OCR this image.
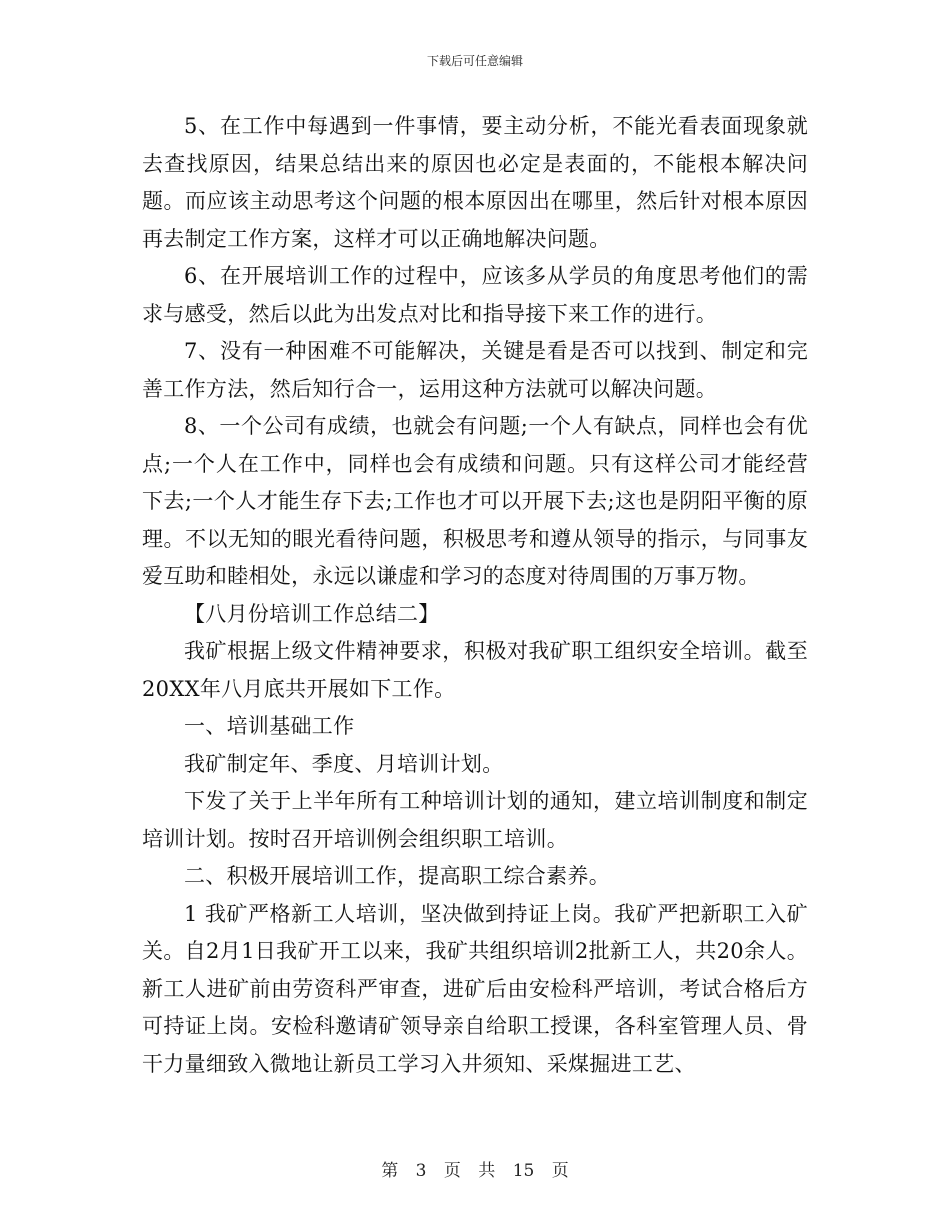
下载后可任意编辑

5、在工作中每遇到一件事情，要主动分析，不能光看表面现象就去查找原因，结果总结出来的原因也必定是表面的，不能根本解决问题。而应该主动思考这个问题的根本原因出在哪里，然后针对根本原因再去制定工作方案，这样才可以正确地解决问题。

6、在开展培训工作的过程中，应该多从学员的角度思考他们的需求与感受，然后以此为出发点对比和指导接下来工作的进行。

7、没有一种困难不可能解决，关键是看是否可以找到、制定和完善工作方法，然后知行合一，运用这种方法就可以解决问题。

8、一个公司有成绩，也就会有问题;一个人有缺点，同样也会有优点;一个人在工作中，同样也会有成绩和问题。只有这样公司才能经营下去;一个人才能生存下去;工作也才可以开展下去;这也是阴阳平衡的原理。不以无知的眼光看待问题，积极思考和遵从领导的指示，与同事友爱互助和睦相处，永远以谦虚和学习的态度对待周围的万事万物。

【八月份培训工作总结二】

我矿根据上级文件精神要求，积极对我矿职工组织安全培训。截至20XX年八月底共开展如下工作。

一、培训基础工作

我矿制定年、季度、月培训计划。

下发了关于上半年所有工种培训计划的通知，建立培训制度和制定培训计划。按时召开培训例会组织职工培训。

二、积极开展培训工作，提高职工综合素养。

1 我矿严格新工人培训，坚决做到持证上岗。我矿严把新职工入矿关。自2月1日我矿开工以来，我矿共组织培训2批新工人，共20余人。新工人进矿前由劳资科严审查，进矿后由安检科严培训，考试合格后方可持证上岗。安检科邀请矿领导亲自给职工授课，各科室管理人员、骨干力量细致入微地让新员工学习入井须知、采煤掘进工艺、

第 3 页 共 15 页
